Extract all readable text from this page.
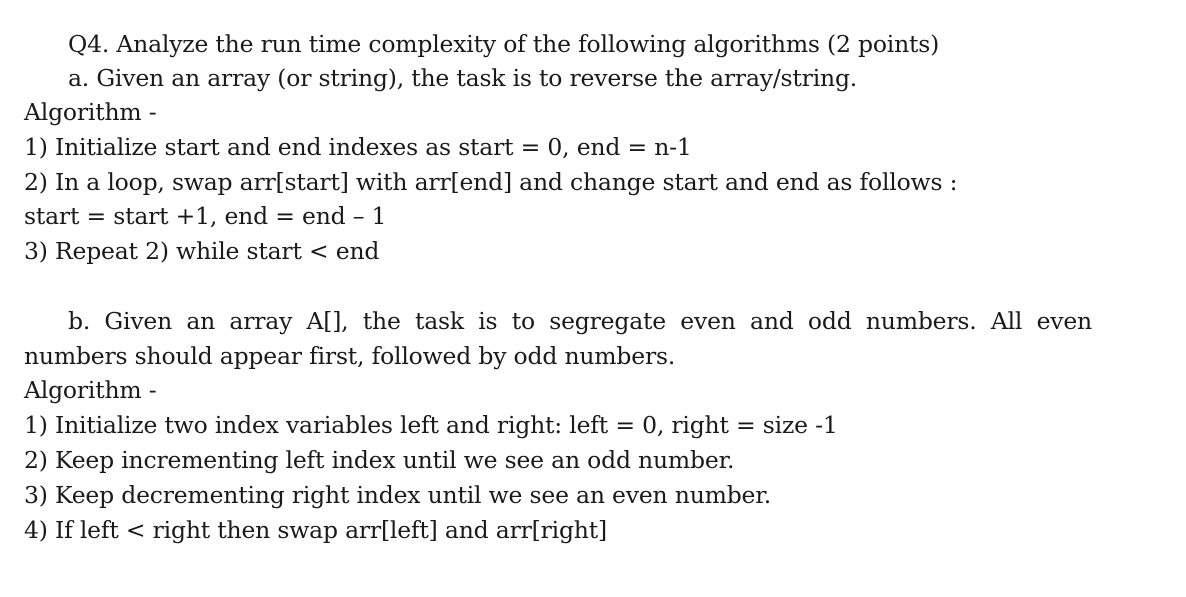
Q4. Analyze the run time complexity of the following algorithms (2 points)
a. Given an array (or string), the task is to reverse the array/string.
Algorithm -
1) Initialize start and end indexes as start = 0, end = n-1
2) In a loop, swap arr[start] with arr[end] and change start and end as follows :
start = start +1, end = end – 1
3) Repeat 2) while start < end
b. Given an array A[], the task is to segregate even and odd numbers. All even
numbers should appear first, followed by odd numbers.
Algorithm -
1) Initialize two index variables left and right: left = 0, right = size -1
2) Keep incrementing left index until we see an odd number.
3) Keep decrementing right index until we see an even number.
4) If left < right then swap arr[left] and arr[right]
